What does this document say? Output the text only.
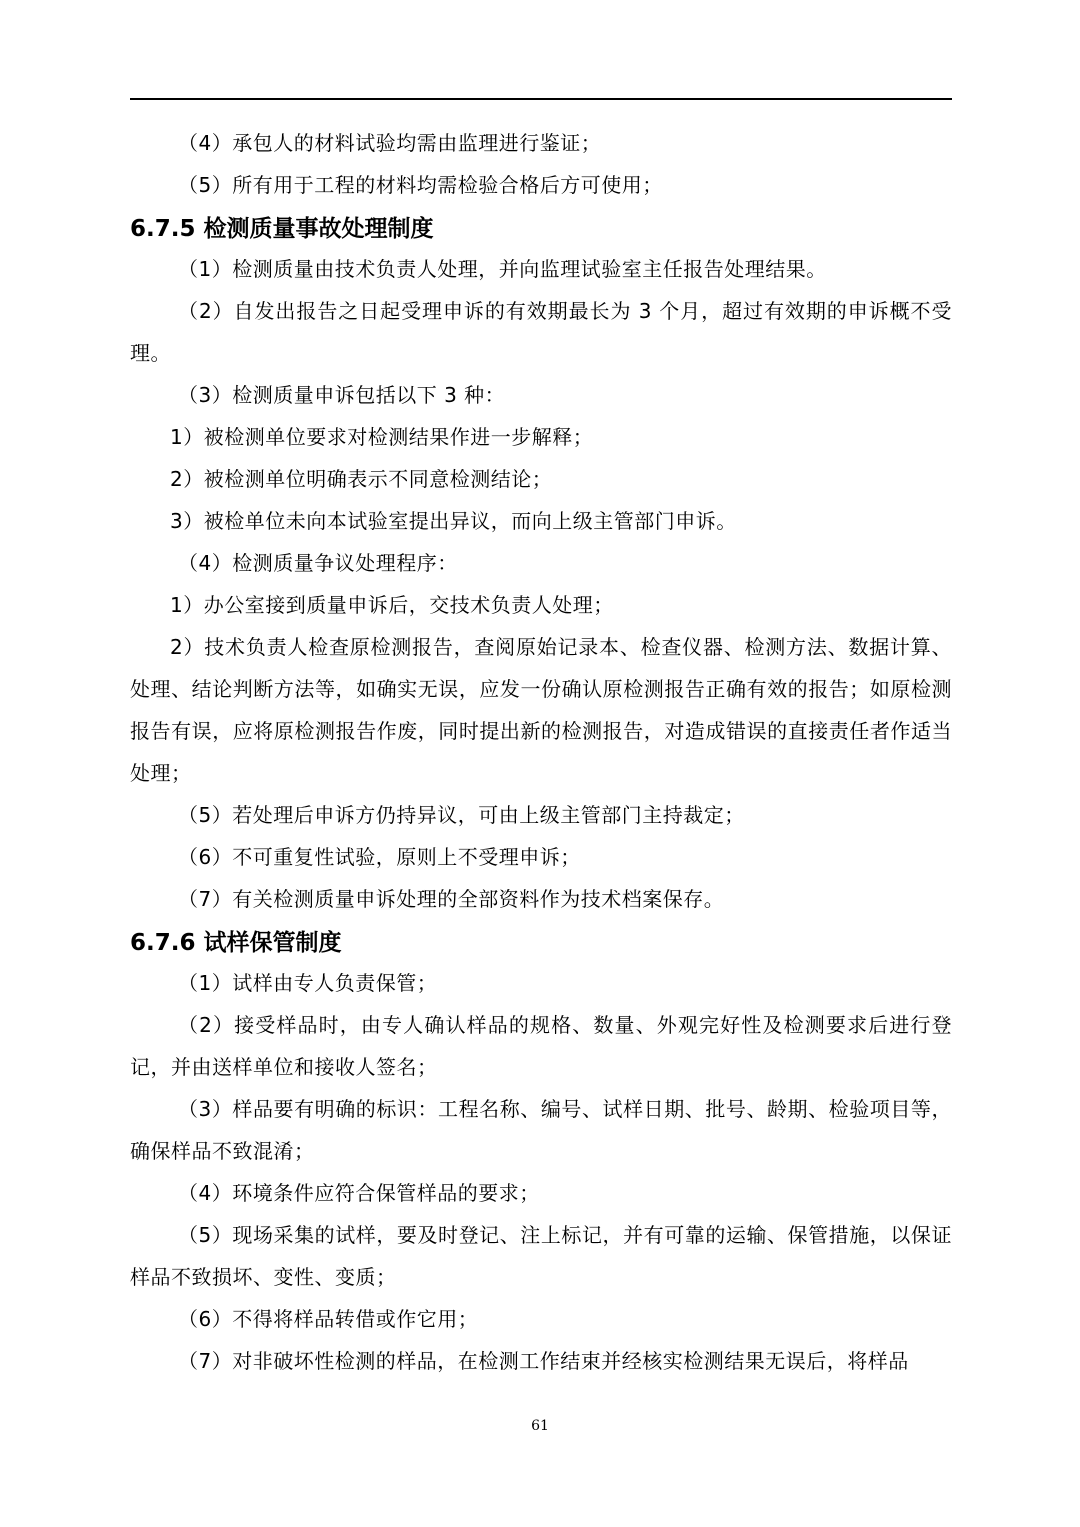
（4）承包人的材料试验均需由监理进行鉴证；

（5）所有用于工程的材料均需检验合格后方可使用；

6.7.5 检测质量事故处理制度

（1）检测质量由技术负责人处理，并向监理试验室主任报告处理结果。

（2）自发出报告之日起受理申诉的有效期最长为 3 个月，超过有效期的申诉概不受理。

（3）检测质量申诉包括以下 3 种：

1）被检测单位要求对检测结果作进一步解释；

2）被检测单位明确表示不同意检测结论；

3）被检单位未向本试验室提出异议，而向上级主管部门申诉。

（4）检测质量争议处理程序：

1）办公室接到质量申诉后，交技术负责人处理；

2）技术负责人检查原检测报告，查阅原始记录本、检查仪器、检测方法、数据计算、处理、结论判断方法等，如确实无误，应发一份确认原检测报告正确有效的报告；如原检测报告有误，应将原检测报告作废，同时提出新的检测报告，对造成错误的直接责任者作适当处理；

（5）若处理后申诉方仍持异议，可由上级主管部门主持裁定；

（6）不可重复性试验，原则上不受理申诉；

（7）有关检测质量申诉处理的全部资料作为技术档案保存。

6.7.6 试样保管制度

（1）试样由专人负责保管；

（2）接受样品时，由专人确认样品的规格、数量、外观完好性及检测要求后进行登记，并由送样单位和接收人签名；

（3）样品要有明确的标识：工程名称、编号、试样日期、批号、龄期、检验项目等，确保样品不致混淆；

（4）环境条件应符合保管样品的要求；

（5）现场采集的试样，要及时登记、注上标记，并有可靠的运输、保管措施，以保证样品不致损坏、变性、变质；

（6）不得将样品转借或作它用；

（7）对非破坏性检测的样品，在检测工作结束并经核实检测结果无误后，将样品

61
